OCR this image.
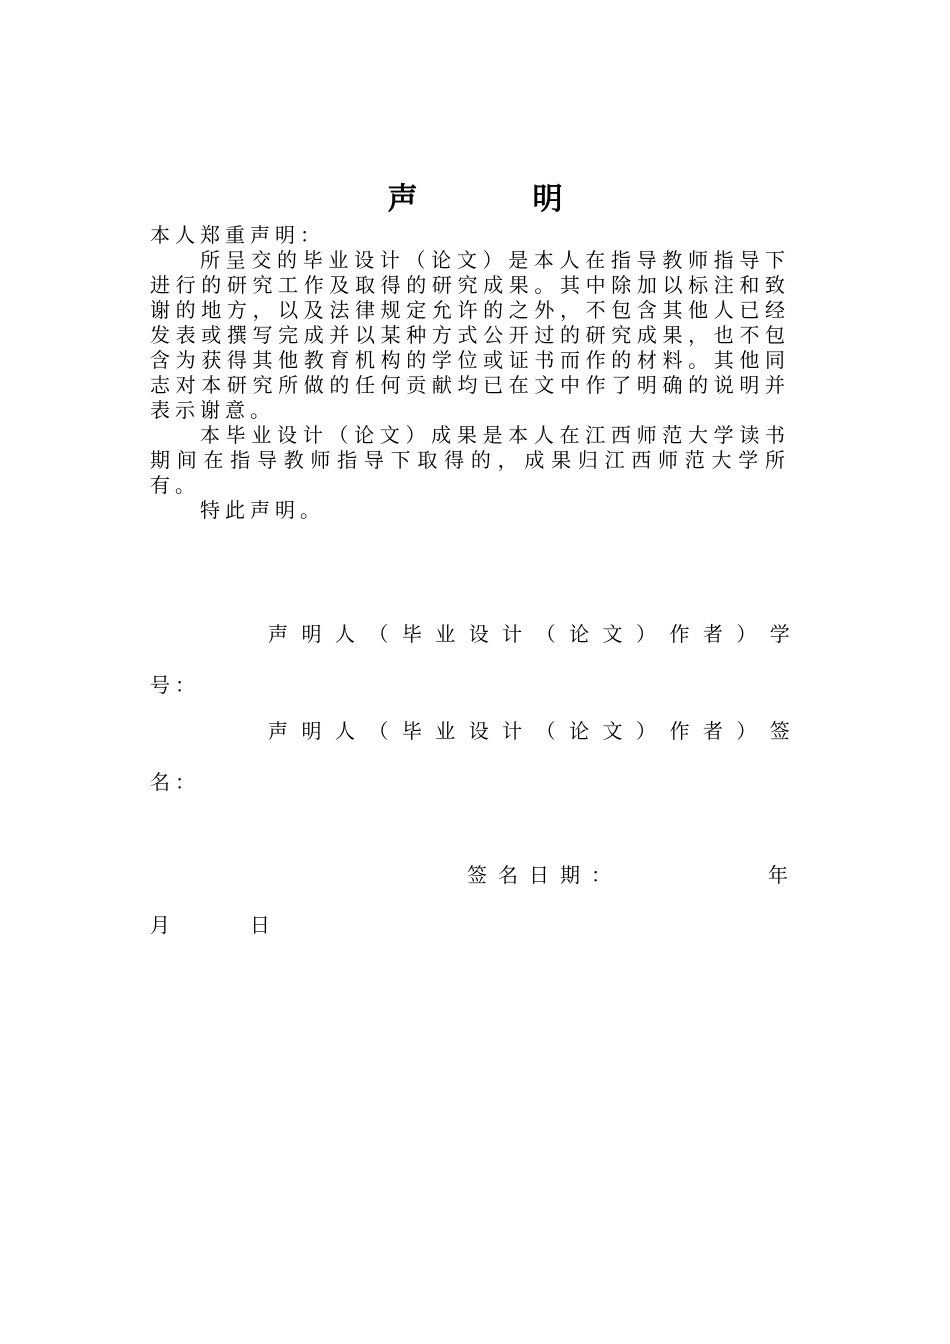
声	明

本人郑重声明：

所呈交的毕业设计（论文）是本人在指导教师指导下进行的研究工作及取得的研究成果。其中除加以标注和致谢的地方，以及法律规定允许的之外，不包含其他人已经发表或撰写完成并以某种方式公开过的研究成果，也不包含为获得其他教育机构的学位或证书而作的材料。其他同志对本研究所做的任何贡献均已在文中作了明确的说明并表示谢意。

本毕业设计（论文）成果是本人在江西师范大学读书期间在指导教师指导下取得的，成果归江西师范大学所有。

特此声明。

声 明 人 （ 毕 业 设 计 （ 论 文 ） 作 者 ） 学
号：
声 明 人 （ 毕 业 设 计 （ 论 文 ） 作 者 ） 签
名：
签名日期：	年
月	日
